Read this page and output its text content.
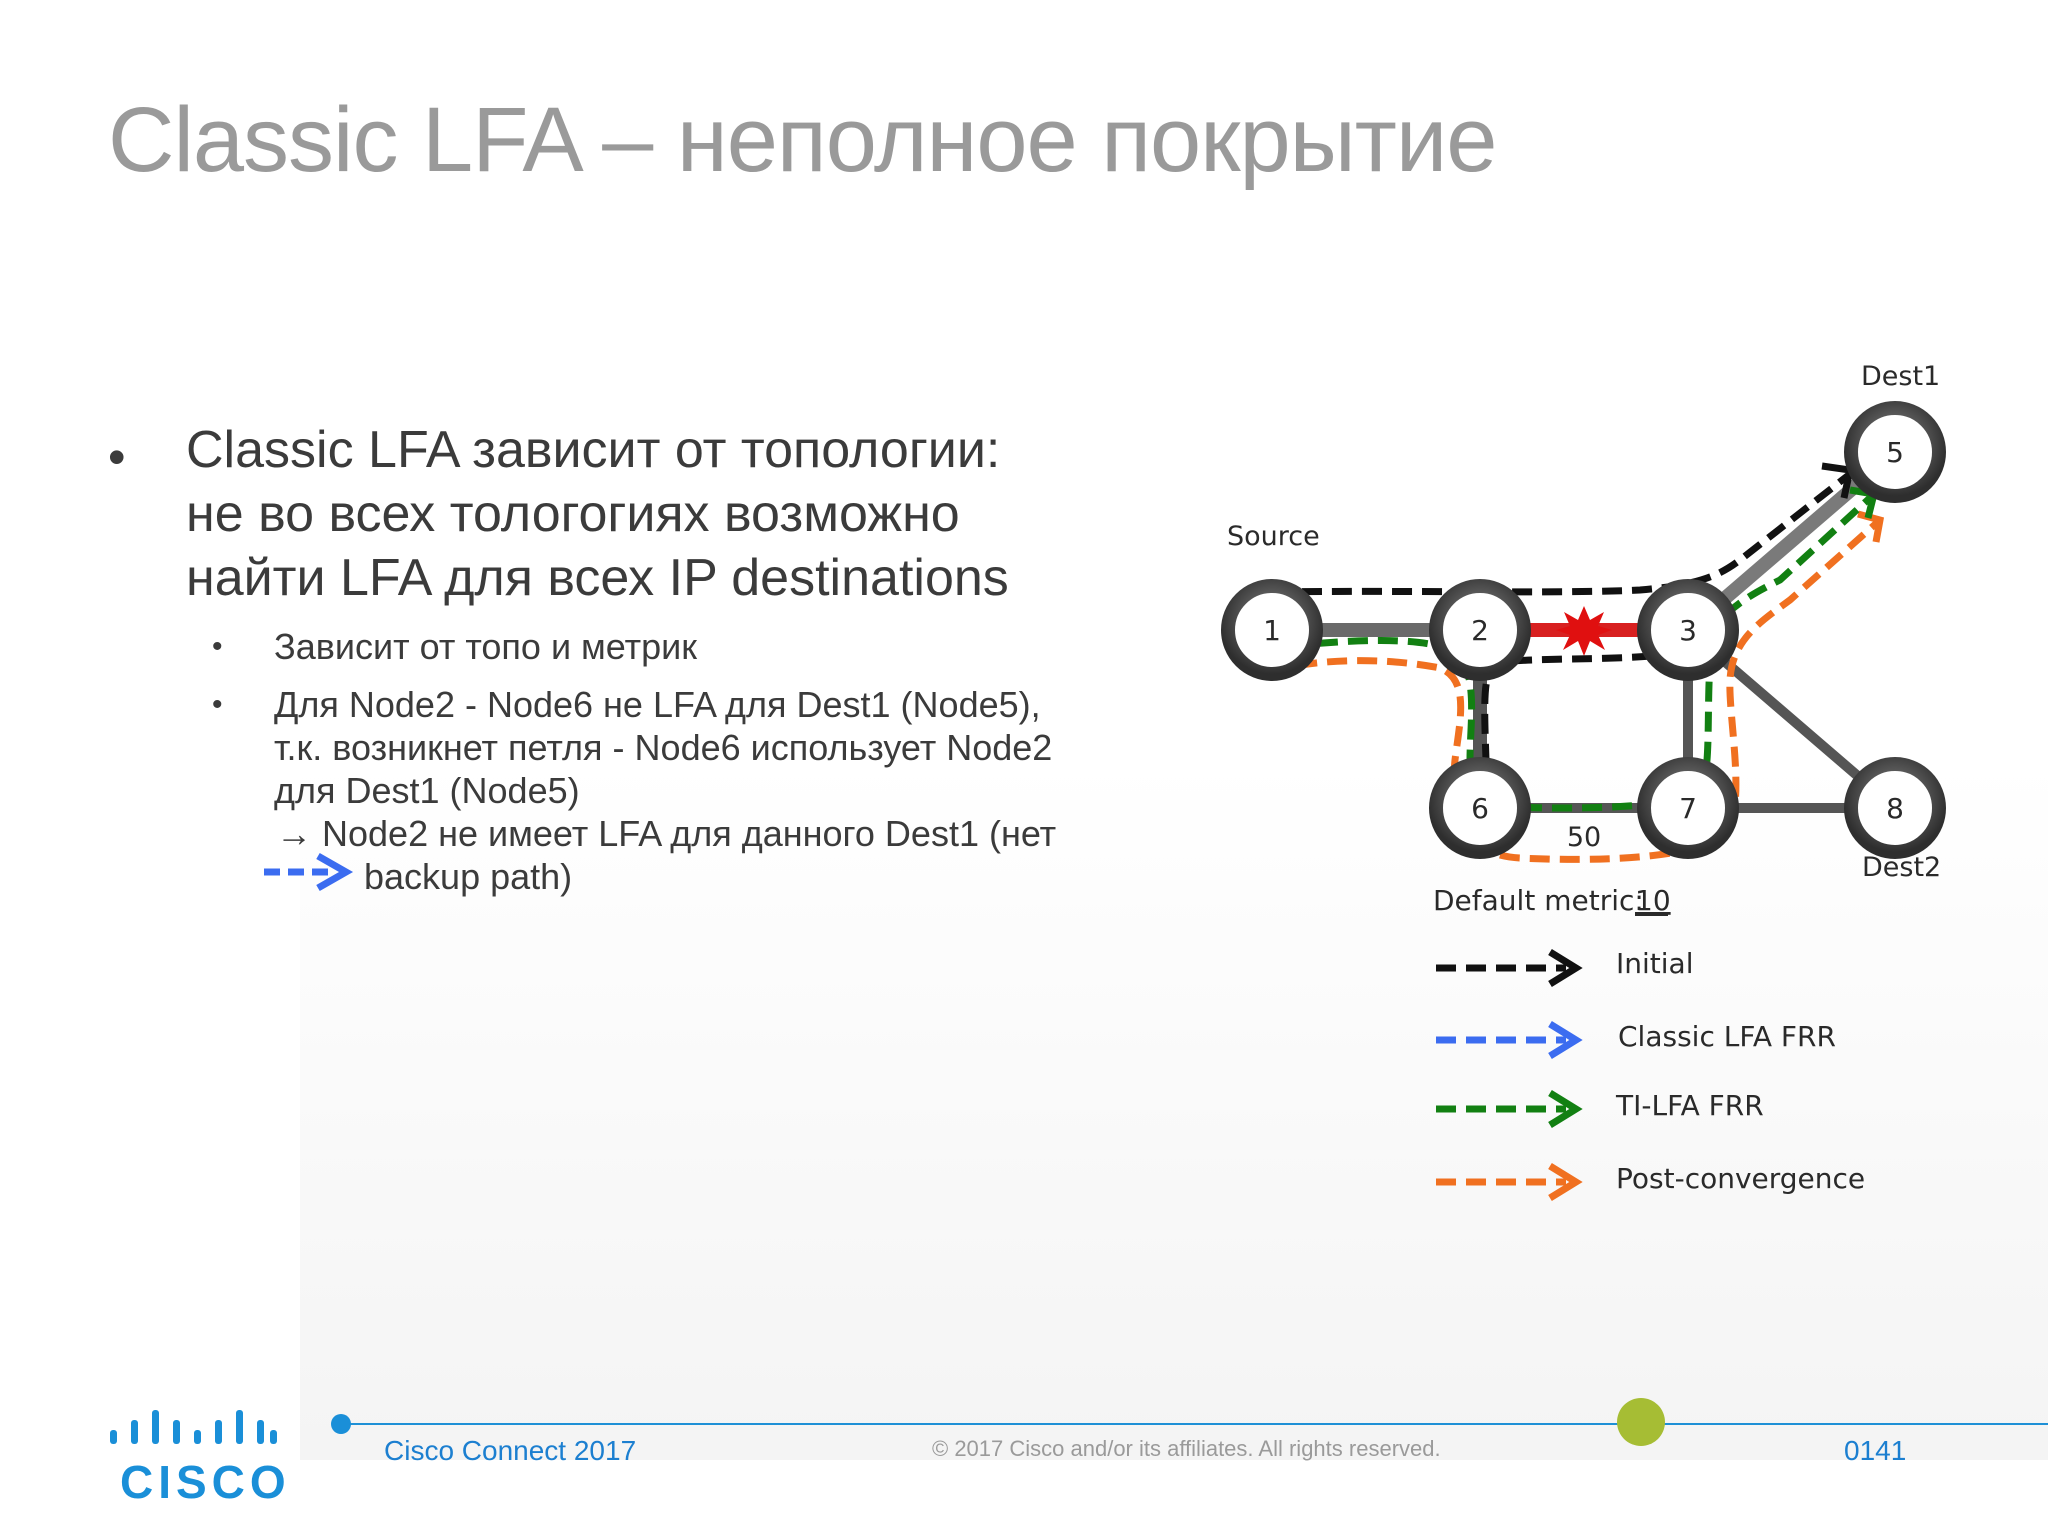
Classic LFA – неполное покрытие
• Classic LFA зависит от топологии:
не во всех тологогиях возможно
найти LFA для всех IP destinations
• Зависит от топо и метрик
• Для Node2 - Node6 не LFA для Dest1 (Node5),
т.к. возникнет петля - Node6 использует Node2
для Dest1 (Node5)
→ Node2 не имеет LFA для данного Dest1 (нет
backup path)
1	2	3
5
6	7	8
Source
Dest1
Dest2
50
Default metric:
10
Initial
Classic LFA FRR
TI-LFA FRR
Post-convergence
Cisco Connect 2017	© 2017 Cisco and/or its affiliates. All rights reserved.	0141
CISCO
